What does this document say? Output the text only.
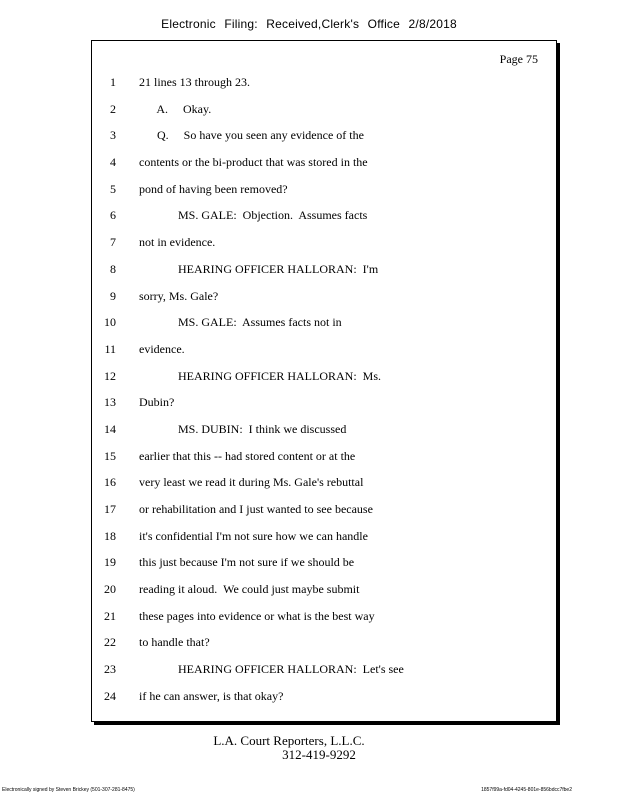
Electronic Filing: Received,Clerk's Office 2/8/2018
Page 75
1 21 lines 13 through 23.
2 A.     Okay.
3 Q.     So have you seen any evidence of the
4 contents or the bi-product that was stored in the
5 pond of having been removed?
6 MS. GALE:  Objection.  Assumes facts
7 not in evidence.
8 HEARING OFFICER HALLORAN:  I'm
9 sorry, Ms. Gale?
10 MS. GALE:  Assumes facts not in
11 evidence.
12 HEARING OFFICER HALLORAN:  Ms.
13 Dubin?
14 MS. DUBIN:  I think we discussed
15 earlier that this -- had stored content or at the
16 very least we read it during Ms. Gale's rebuttal
17 or rehabilitation and I just wanted to see because
18 it's confidential I'm not sure how we can handle
19 this just because I'm not sure if we should be
20 reading it aloud.  We could just maybe submit
21 these pages into evidence or what is the best way
22 to handle that?
23 HEARING OFFICER HALLORAN:  Let's see
24 if he can answer, is that okay?
L.A. Court Reporters, L.L.C.
312-419-9292
Electronically signed by Steven Brickey (501-307-281-8475)	1857f99a-fd04-4245-801e-856bdcc7fbe2
